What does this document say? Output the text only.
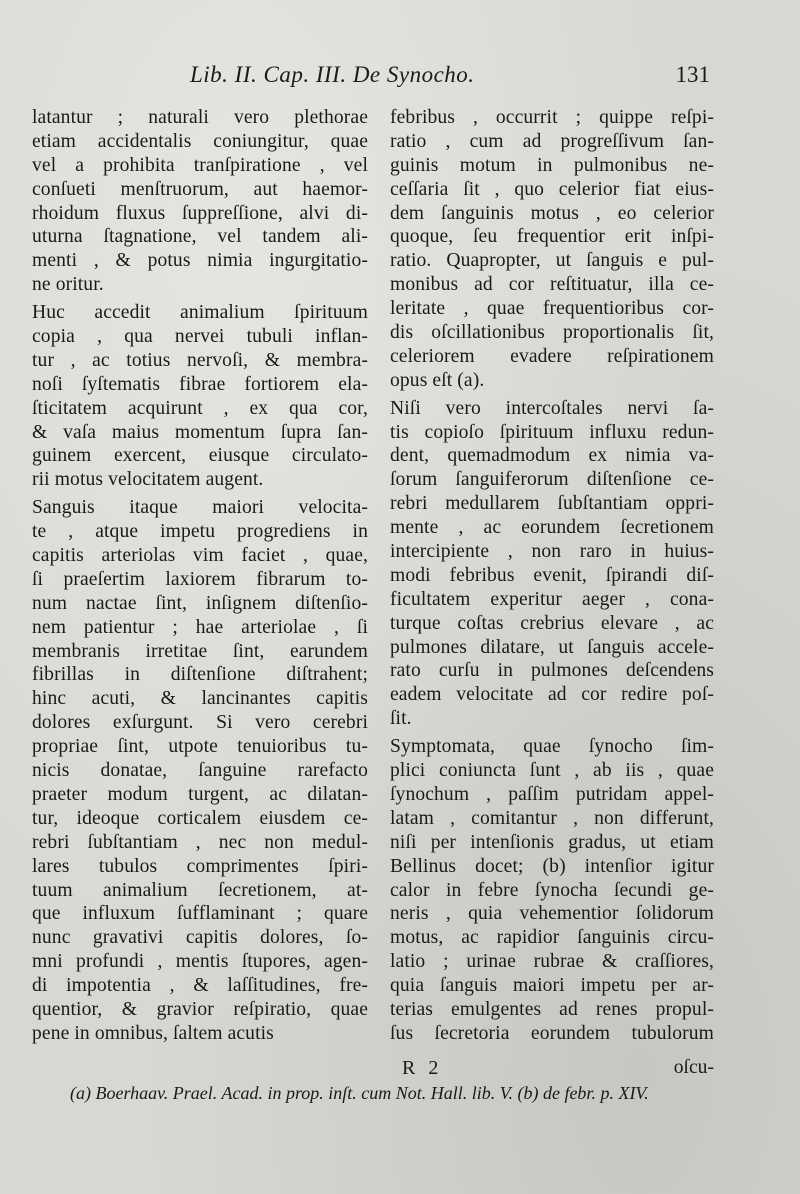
Lib. II. Cap. III. De Synocho.	131
latantur ; naturali vero plethorae
etiam accidentalis coniungitur, quae
vel a prohibita tranſpiratione , vel
conſueti menſtruorum, aut haemor-
rhoidum fluxus ſuppreſſione, alvi di-
uturna ſtagnatione, vel tandem ali-
menti , & potus nimia ingurgitatio-
ne oritur.
Huc accedit animalium ſpirituum
copia , qua nervei tubuli inflan-
tur , ac totius nervoſi, & membra-
noſi ſyſtematis fibrae fortiorem ela-
ſticitatem acquirunt , ex qua cor,
& vaſa maius momentum ſupra ſan-
guinem exercent, eiusque circulato-
rii motus velocitatem augent.
Sanguis itaque maiori velocita-
te , atque impetu progrediens in
capitis arteriolas vim faciet , quae,
ſi praeſertim laxiorem fibrarum to-
num nactae ſint, inſignem diſtenſio-
nem patientur ; hae arteriolae , ſi
membranis irretitae ſint, earundem
fibrillas in diſtenſione diſtrahent;
hinc acuti, & lancinantes capitis
dolores exſurgunt. Si vero cerebri
propriae ſint, utpote tenuioribus tu-
nicis donatae, ſanguine rarefacto
praeter modum turgent, ac dilatan-
tur, ideoque corticalem eiusdem ce-
rebri ſubſtantiam , nec non medul-
lares tubulos comprimentes ſpiri-
tuum animalium ſecretionem, at-
que influxum ſufflaminant ; quare
nunc gravativi capitis dolores, ſo-
mni profundi , mentis ſtupores, agen-
di impotentia , & laſſitudines, fre-
quentior, & gravior reſpiratio, quae
pene in omnibus, ſaltem acutis
febribus , occurrit ; quippe reſpi-
ratio , cum ad progreſſivum ſan-
guinis motum in pulmonibus ne-
ceſſaria ſit , quo celerior fiat eius-
dem ſanguinis motus , eo celerior
quoque, ſeu frequentior erit inſpi-
ratio. Quapropter, ut ſanguis e pul-
monibus ad cor reſtituatur, illa ce-
leritate , quae frequentioribus cor-
dis oſcillationibus proportionalis ſit,
celeriorem evadere reſpirationem
opus eſt (a).
Niſi vero intercoſtales nervi ſa-
tis copioſo ſpirituum influxu redun-
dent, quemadmodum ex nimia va-
ſorum ſanguiferorum diſtenſione ce-
rebri medullarem ſubſtantiam oppri-
mente , ac eorundem ſecretionem
intercipiente , non raro in huius-
modi febribus evenit, ſpirandi diſ-
ficultatem experitur aeger , cona-
turque coſtas crebrius elevare , ac
pulmones dilatare, ut ſanguis accele-
rato curſu in pulmones deſcendens
eadem velocitate ad cor redire poſ-
ſit.
Symptomata, quae ſynocho ſim-
plici coniuncta ſunt , ab iis , quae
ſynochum , paſſim putridam appel-
latam , comitantur , non differunt,
niſi per intenſionis gradus, ut etiam
Bellinus docet; (b) intenſior igitur
calor in febre ſynocha ſecundi ge-
neris , quia vehementior ſolidorum
motus, ac rapidior ſanguinis circu-
latio ; urinae rubrae & craſſiores,
quia ſanguis maiori impetu per ar-
terias emulgentes ad renes propul-
ſus ſecretoria eorundem tubulorum
R 2	oſcu-
(a) Boerhaav. Prael. Acad. in prop. inſt. cum Not. Hall. lib. V. (b) de febr. p. XIV.
